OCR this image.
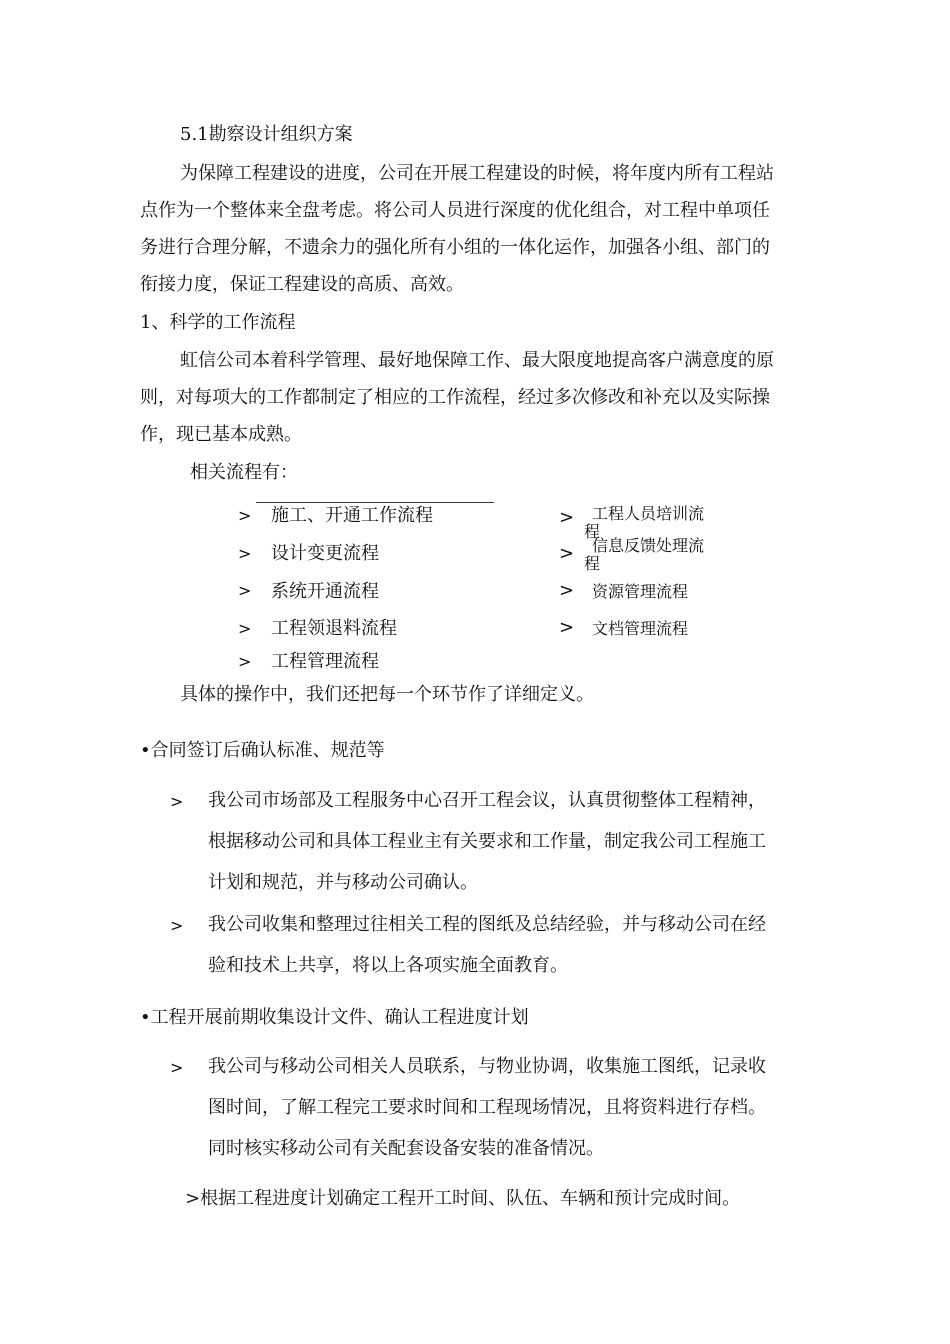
5.1勘察设计组织方案
为保障工程建设的进度，公司在开展工程建设的时候，将年度内所有工程站
点作为一个整体来全盘考虑。将公司人员进行深度的优化组合，对工程中单项任
务进行合理分解，不遗余力的强化所有小组的一体化运作，加强各小组、部门的
衔接力度，保证工程建设的高质、高效。
1、科学的工作流程
虹信公司本着科学管理、最好地保障工作、最大限度地提高客户满意度的原
则，对每项大的工作都制定了相应的工作流程，经过多次修改和补充以及实际操
作，现已基本成熟。
相关流程有：
> 施工、开通工作流程
> 设计变更流程
> 系统开通流程
> 工程领退料流程
> 工程管理流程
>	工程人员培训流程
>	信息反馈处理流程
> 资源管理流程
> 文档管理流程
具体的操作中，我们还把每一个环节作了详细定义。
•合同签订后确认标准、规范等
> 我公司市场部及工程服务中心召开工程会议，认真贯彻整体工程精神，
根据移动公司和具体工程业主有关要求和工作量，制定我公司工程施工
计划和规范，并与移动公司确认。
> 我公司收集和整理过往相关工程的图纸及总结经验，并与移动公司在经
验和技术上共享，将以上各项实施全面教育。
•工程开展前期收集设计文件、确认工程进度计划
> 我公司与移动公司相关人员联系，与物业协调，收集施工图纸，记录收
图时间，了解工程完工要求时间和工程现场情况，且将资料进行存档。
同时核实移动公司有关配套设备安装的准备情况。
>根据工程进度计划确定工程开工时间、队伍、车辆和预计完成时间。
